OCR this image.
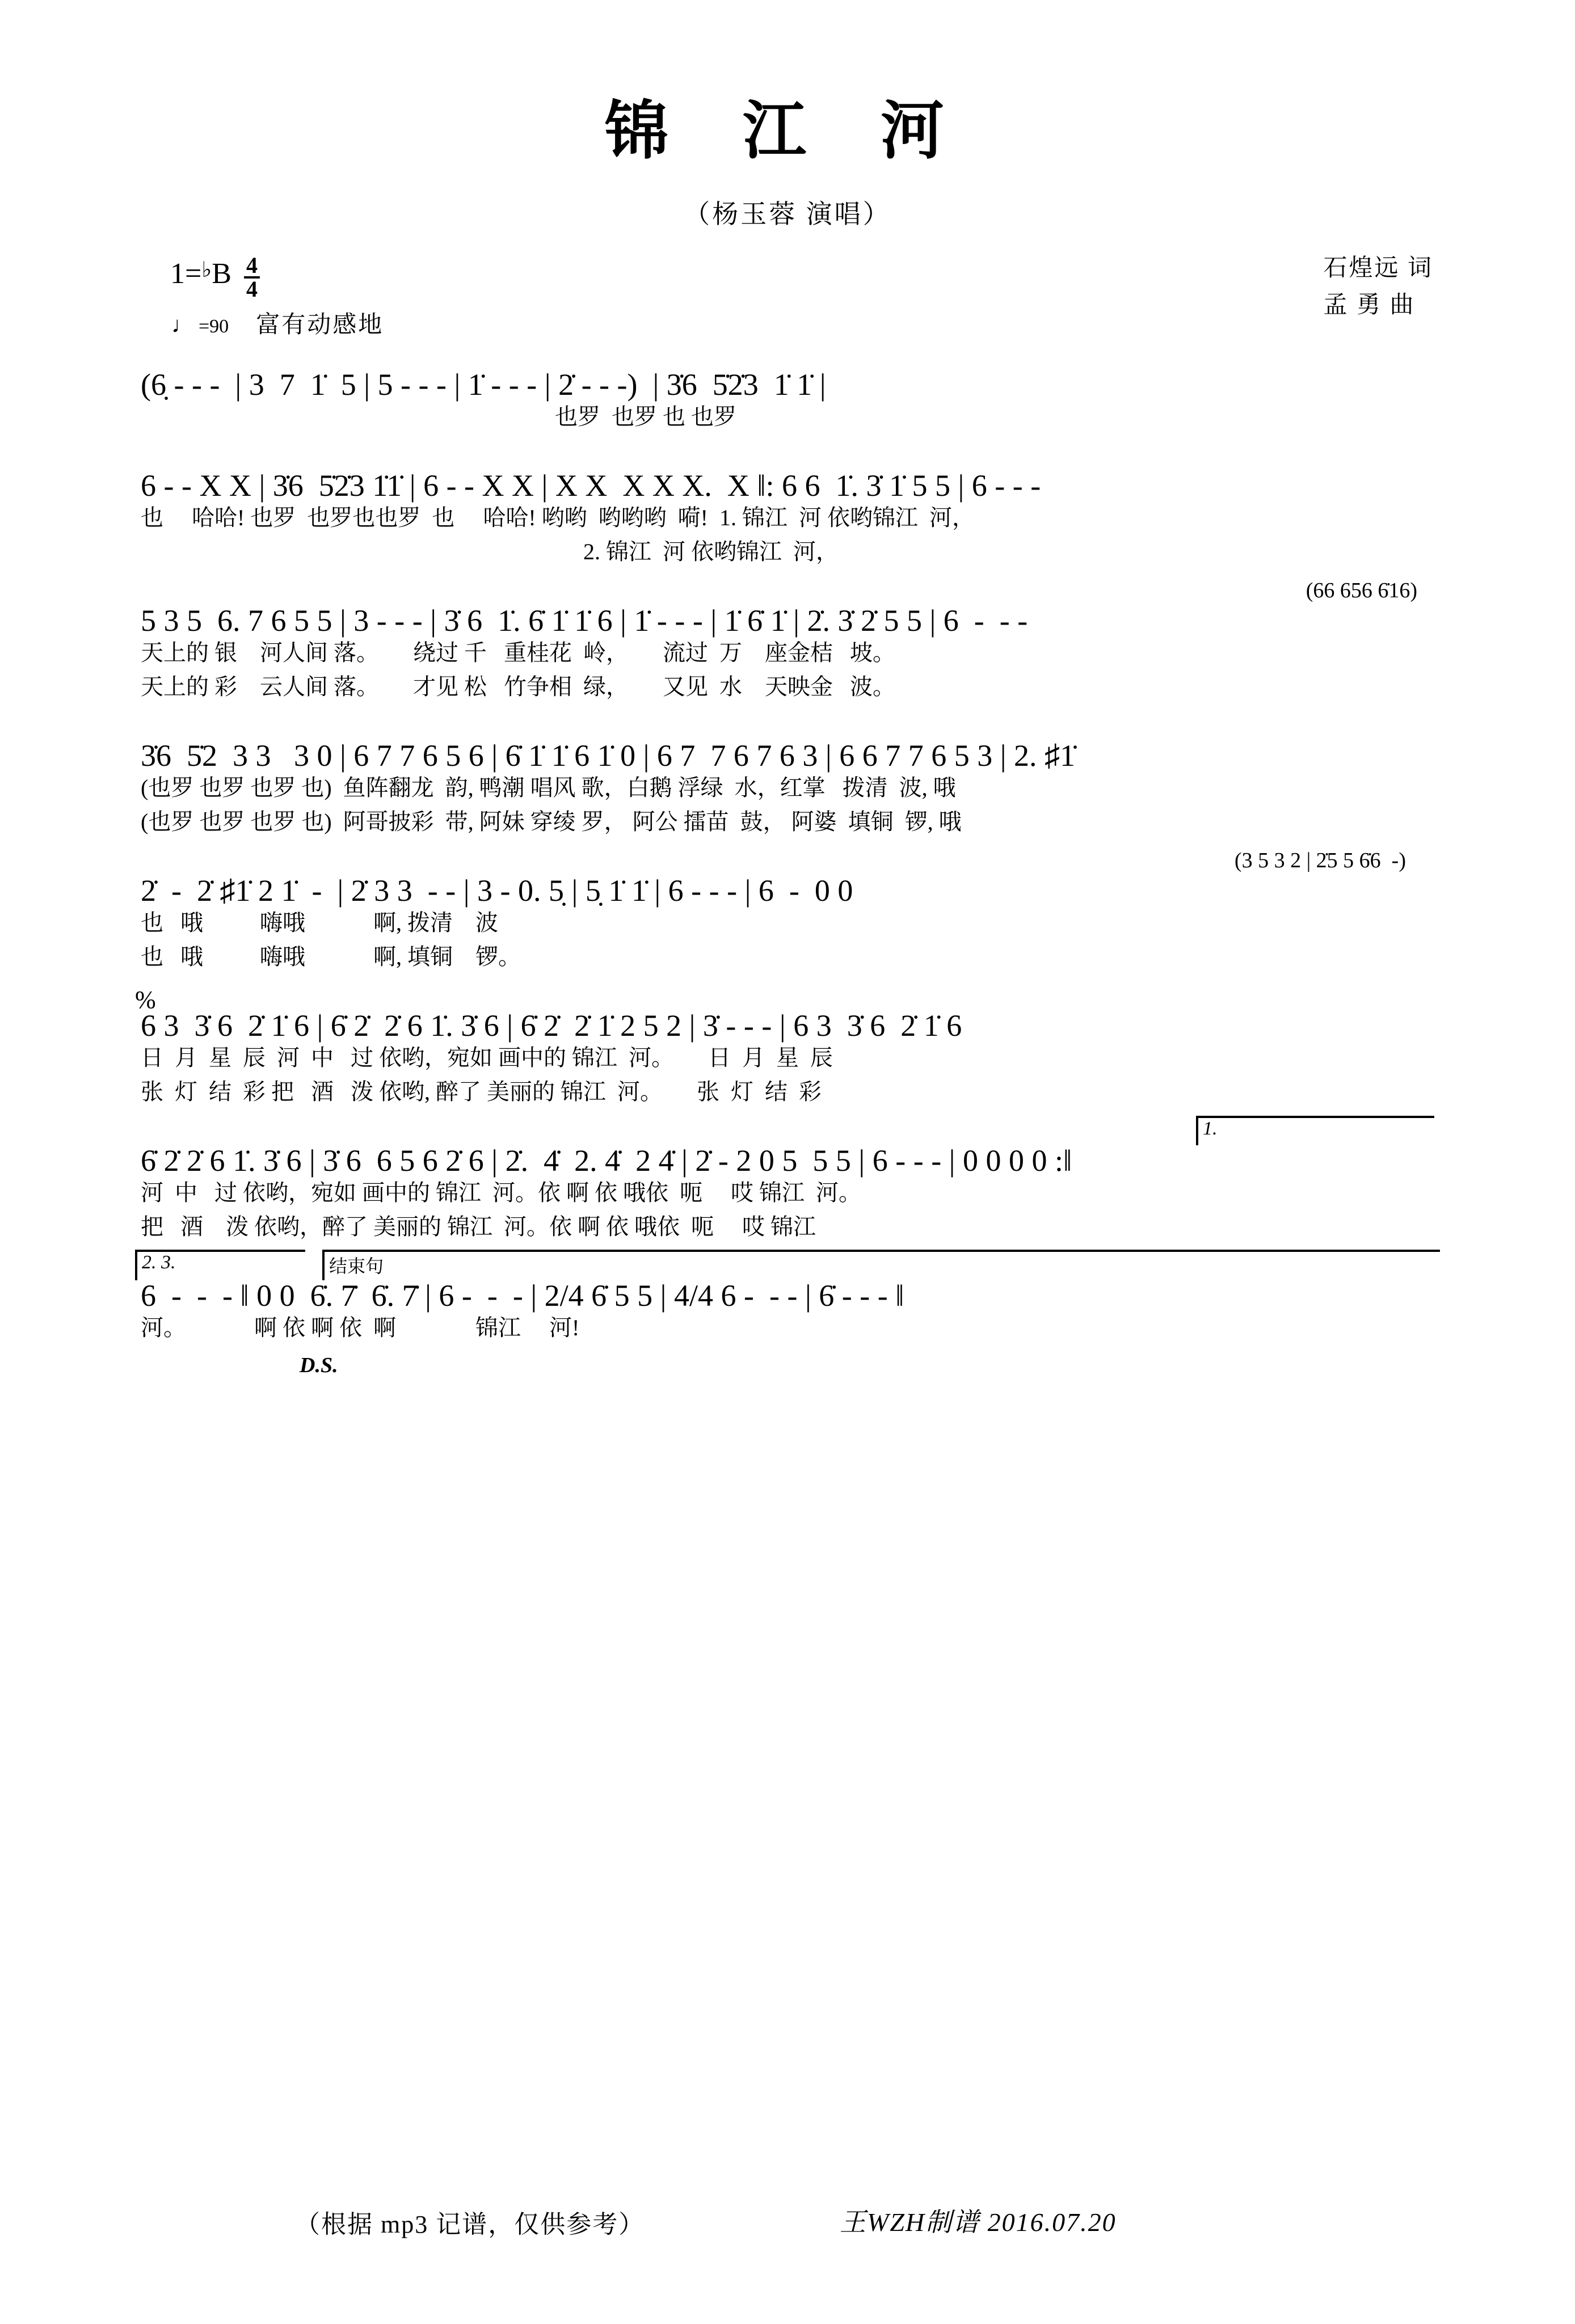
锦 江 河
（杨玉蓉 演唱）
1= ♭ B $\frac{4}{4}$
♩ =90 富有动感地
石煌远 词
孟 勇 曲
(6̣ - - -  | 3  7  1̇  5 | 5 - - - | 1̇ - - - | 2̇ - - -)  | 3̇6  5̇2̇3  1̇ 1̇ |
也罗  也罗 也 也罗
6 - - X X | 3̇6  5̇2̇3 1̇1̇ | 6 - - X X | X X  X X X.  X ‖: 6 6  1̇. 3̇ 1̇ 5 5 | 6 - - -
也     哈哈! 也罗  也罗也也罗  也     哈哈! 哟哟  哟哟哟  嗬!  1. 锦江  河 依哟锦江  河，
2. 锦江  河 依哟锦江  河，
(66 656 6̇16)
5 3 5  6. 7 6 5 5 | 3 - - - | 3̇ 6  1̇. 6̇ 1̇ 1̇ 6 | 1̇ - - - | 1̇ 6̇ 1̇ | 2̇. 3̇ 2̇ 5 5 | 6  -  - -
天上的 银    河人间 落。      绕过 千   重桂花  岭，      流过  万    座金桔   坡。
天上的 彩    云人间 落。      才见 松   竹争相  绿，      又见  水    天映金   波。
3̇6  5̇2  3 3   3 0 | 6 7 7 6 5 6 | 6̇ 1̇ 1̇ 6 1̇ 0 | 6 7  7 6 7 6 3 | 6 6 7 7 6 5 3 | 2. ♯1̇
(也罗 也罗 也罗 也)  鱼阵翻龙  韵, 鸭潮 唱风 歌，白鹅 浮绿  水，红掌   拨清  波, 哦
(也罗 也罗 也罗 也)  阿哥披彩  带, 阿妹 穿绫 罗， 阿公 擂苗  鼓， 阿婆  填铜  锣, 哦
(3 5 3 2 | 2̇5 5 6̇6  -)
2̇  -  2̇ ♯1̇ 2 1̇  -  | 2̇ 3 3  - - | 3 - 0. 5̣ | 5̣ 1̇ 1̇ | 6 - - - | 6  -  0 0
也   哦          嗨哦            啊, 拨清    波
也   哦          嗨哦            啊, 填铜    锣。
%
6 3  3̇ 6  2̇ 1̇ 6 | 6̇ 2̇  2̇ 6 1̇. 3̇ 6 | 6̇ 2̇  2̇ 1̇ 2 5 2 | 3̇ - - - | 6 3  3̇ 6  2̇ 1̇ 6
日  月  星  辰  河  中   过 依哟，宛如 画中的 锦江  河。      日  月  星  辰
张  灯  结  彩 把   酒   泼 依哟, 醉了 美丽的 锦江  河。      张  灯  结  彩
1.
6̇ 2̇ 2̇ 6 1̇. 3̇ 6 | 3̇ 6  6 5 6 2̇ 6 | 2̇.  4̇  2. 4̇  2 4̇ | 2̇ - 2 0 5  5 5 | 6 - - - | 0 0 0 0 :‖
河  中   过 依哟，宛如 画中的 锦江  河。依 啊 依 哦依  呃     哎 锦江  河。
把   酒    泼 依哟，醉了 美丽的 锦江  河。依 啊 依 哦依  呃     哎 锦江
2. 3.	结束句
6  -  -  - ‖ 0 0  6̇. 7̇  6̇. 7̇ | 6 -  -  - | 2/4 6̇ 5 5 | 4/4 6 -  - - | 6̇ - - - ‖
河。            啊 依 啊 依  啊              锦江     河!
D.S.
（根据 mp3 记谱，仅供参考）	王WZH制谱 2016.07.20
